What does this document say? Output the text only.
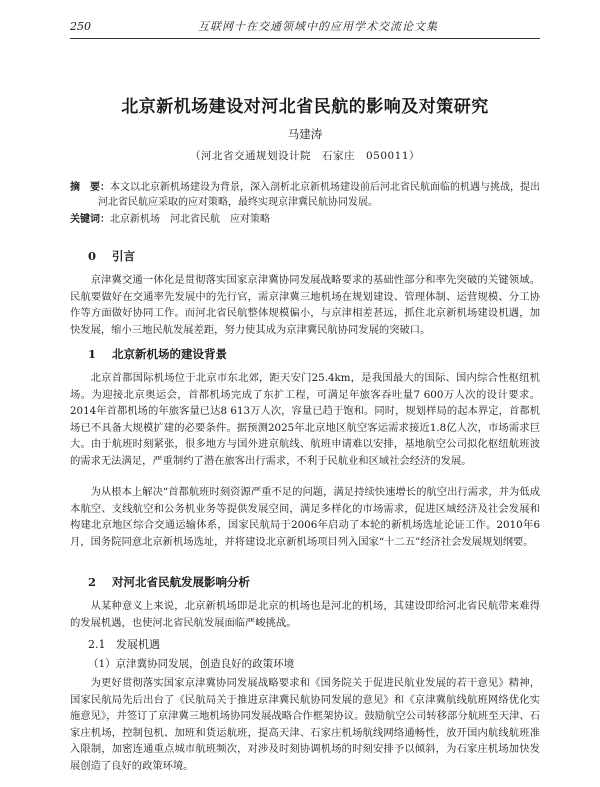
250	互联网十在交通领域中的应用学术交流论文集
北京新机场建设对河北省民航的影响及对策研究
马建涛
（河北省交通规划设计院　石家庄　050011）

摘　要：本文以北京新机场建设为背景，深入剖析北京新机场建设前后河北省民航面临的机遇与挑战，提出河北省民航应采取的应对策略，最终实现京津冀民航协同发展。

关键词：北京新机场　河北省民航　应对策略
0 引言

京津冀交通一体化是贯彻落实国家京津冀协同发展战略要求的基础性部分和率先突破的关键领域。民航要做好在交通率先发展中的先行官，需京津冀三地机场在规划建设、管理体制、运营规模、分工协作等方面做好协同工作。而河北省民航整体规模偏小，与京津相差甚远，抓住北京新机场建设机遇，加快发展，缩小三地民航发展差距，努力使其成为京津冀民航协同发展的突破口。

1 北京新机场的建设背景

北京首都国际机场位于北京市东北郊，距天安门25.4km，是我国最大的国际、国内综合性枢纽机场。为迎接北京奥运会，首都机场完成了东扩工程，可满足年旅客吞吐量7 600万人次的设计要求。2014年首都机场的年旅客量已达8 613万人次，容量已趋于饱和。同时，规划样局的起本界定，首都机场已不具备大规模扩建的必要条件。据预测2025年北京地区航空客运需求接近1.8亿人次，市场需求巨大。由于航班时刻紧张，很多地方与国外进京航线、航班申请难以安排，基地航空公司拟化枢纽航班波的需求无法满足，严重制约了潜在旅客出行需求，不利于民航业和区域社会经济的发展。

为从根本上解决“首都航班时刻资源严重不足的问题，满足持续快速增长的航空出行需求，并为低成本航空、支线航空和公务机业务等提供发展空间，满足多样化的市场需求，促进区域经济及社会发展和构建北京地区综合交通运输体系，国家民航局于2006年启动了本轮的新机场选址论证工作。2010年6月，国务院同意北京新机场选址，并将建设北京新机场项目列入国家“十二五”经济社会发展规划纲要。

2 对河北省民航发展影响分析

从某种意义上来说，北京新机场即是北京的机场也是河北的机场，其建设即给河北省民航带来难得的发展机遇，也使河北省民航发展面临严峻挑战。

2.1 发展机遇
（1）京津冀协同发展，创造良好的政策环境

为更好贯彻落实国家京津冀协同发展战略要求和《国务院关于促进民航业发展的若干意见》精神，国家民航局先后出台了《民航局关于推进京津冀民航协同发展的意见》和《京津冀航线航班网络优化实施意见》，并签订了京津冀三地机场协同发展战略合作框架协议。鼓励航空公司转移部分航班至天津、石家庄机场，控制包机、加班和货运航班，提高天津、石家庄机场航线网络通畅性，放开国内航线航班准入限制，加密连通重点城市航班频次，对涉及时刻协调机场的时刻安排予以倾斜，为石家庄机场加快发展创造了良好的政策环境。
